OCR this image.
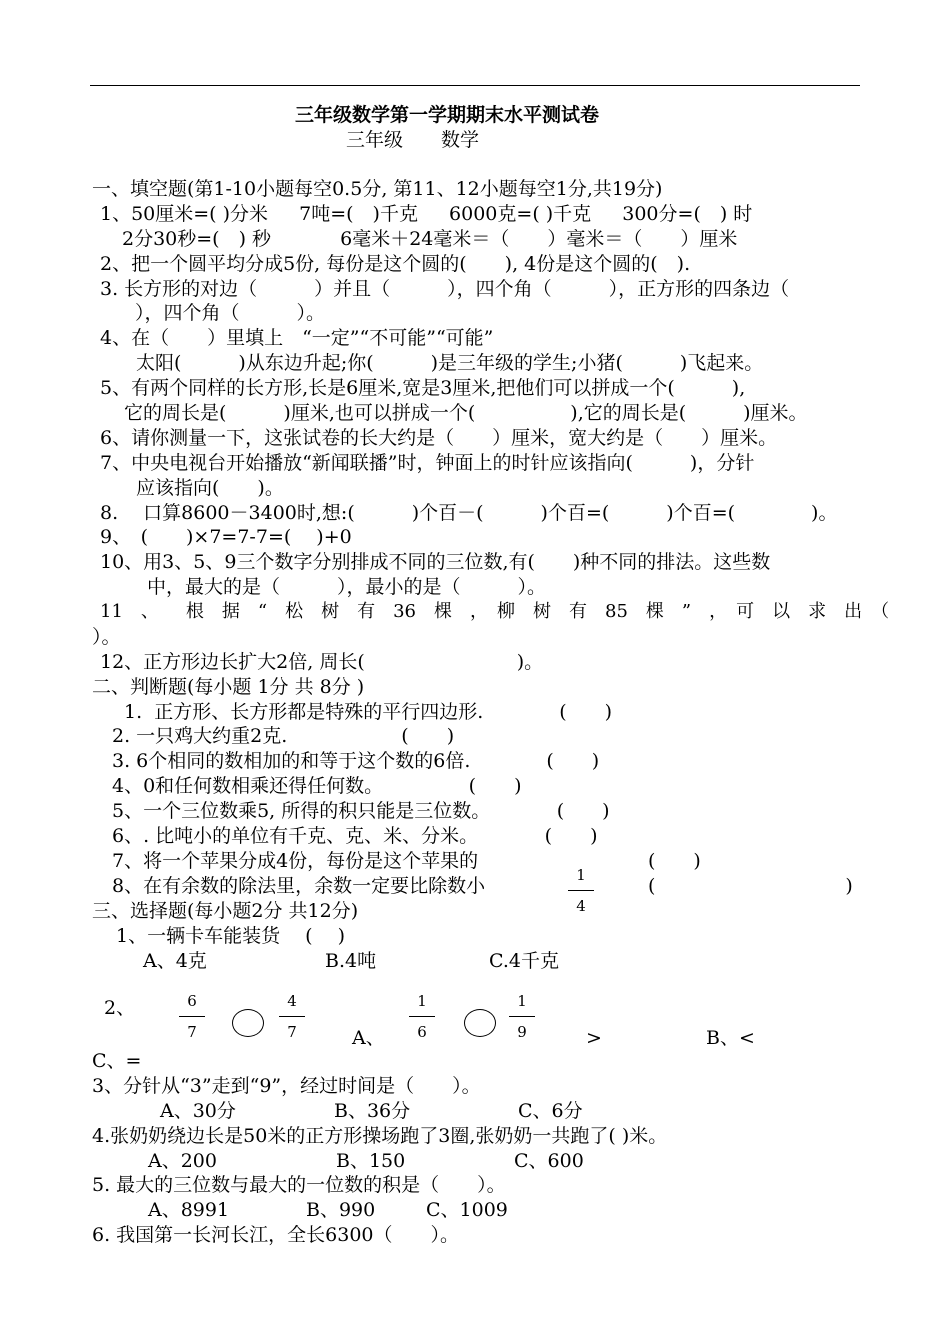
三年级数学第一学期期末水平测试卷
三年级　　数学
一、填空题(第1-10小题每空0.5分, 第11、12小题每空1分,共19分)
1、50厘米=( )分米　  7吨=(　)千克　  6000克=( )千克　  300分=(　) 时
2分30秒=(　) 秒　　  　6毫米＋24毫米＝（　　）毫米＝（　　）厘米
2、把一个圆平均分成5份, 每份是这个圆的(　　), 4份是这个圆的(　).
3. 长方形的对边（　　　）并且（　　　），四个角（　　　），正方形的四条边（
　），四个角（　　　）。
4、在（　　）里填上　“一定”“不可能”“可能”
太阳(　　　)从东边升起;你(　　　)是三年级的学生;小猪(　　　)飞起来。
5、有两个同样的长方形,长是6厘米,宽是3厘米,把他们可以拼成一个(　　　),
它的周长是(　　　)厘米,也可以拼成一个(　　　　　),它的周长是(　　　)厘米。
6、请你测量一下，这张试卷的长大约是（　　）厘米，宽大约是（　　）厘米。
7、中央电视台开始播放“新闻联播”时，钟面上的时针应该指向(　　　)，分针
应该指向(　　)。
8.　 口算8600－3400时,想:(　　　)个百－(　　　)个百=(　　　)个百=(　　　　)。
9、　(　　)×7=7-7=(　 )+0
10、用3、5、9三个数字分别排成不同的三位数,有(　　)种不同的排法。这些数
中，最大的是（　　　），最小的是（　　　）。
11　、　　根　据　“　松　树　有　36　棵　，　柳　树　有　85　棵　”　，　可　以　求　出　（
）。
12、正方形边长扩大2倍, 周长(　　　　　　　　)。
二、判断题(每小题 1分 共 8分 )
1.  正方形、长方形都是特殊的平行四边形.　　　　(　　)
2. 一只鸡大约重2克.　　　　　　(　　)
3. 6个相同的数相加的和等于这个数的6倍.　　　　(　　)
4、0和任何数相乘还得任何数。　　　　　(　　)
5、一个三位数乘5, 所得的积只能是三位数。　　　　(　　)
6、. 比吨小的单位有千克、克、米、分米。　　　　(　　)
7、将一个苹果分成4份，每份是这个苹果的	(　　)
8、在有余数的除法里，余数一定要比除数小	1
4
(　　　　　　　　　　)
三、选择题(每小题2分 共12分)
1、一辆卡车能装货　 (　 )
A、4克	B.4吨	C.4千克
2、	6
7
4
7	A、
1
6
1
9	>	B、<
C、=
3、分针从“3”走到“9”，经过时间是（　　）。
A、30分	B、36分	C、6分
4.张奶奶绕边长是50米的正方形操场跑了3圈,张奶奶一共跑了( )米。
A、200	B、150	C、600
5. 最大的三位数与最大的一位数的积是（　　）。
A、8991	B、990	C、1009
6. 我国第一长河长江，全长6300（　　）。
